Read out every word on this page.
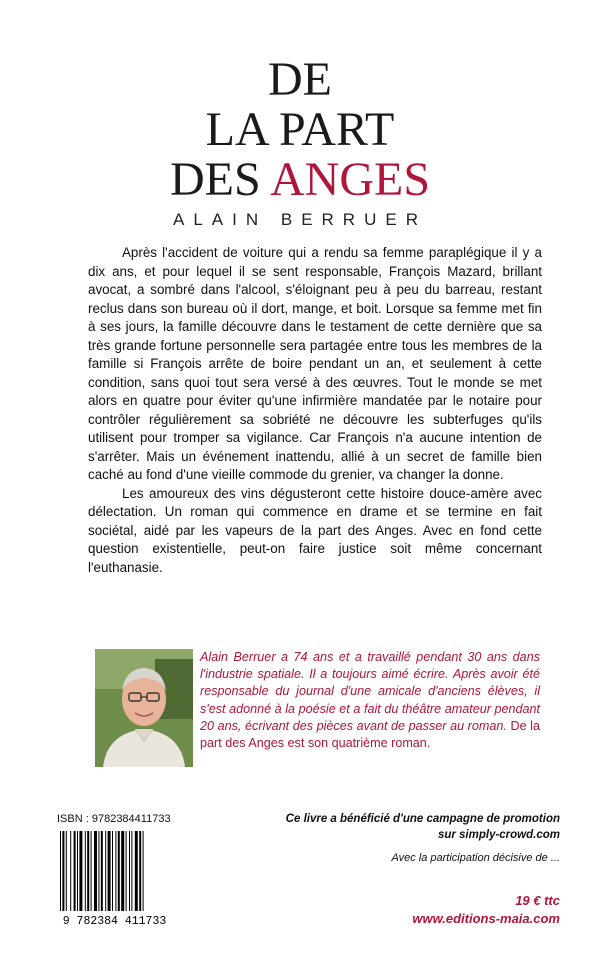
DE
LA PART
DES ANGES
ALAIN BERRUER

Après l'accident de voiture qui a rendu sa femme paraplégique il y a dix ans, et pour lequel il se sent responsable, François Mazard, brillant avocat, a sombré dans l'alcool, s'éloignant peu à peu du barreau, restant reclus dans son bureau où il dort, mange, et boit. Lorsque sa femme met fin à ses jours, la famille découvre dans le testament de cette dernière que sa très grande fortune personnelle sera partagée entre tous les membres de la famille si François arrête de boire pendant un an, et seulement à cette condition, sans quoi tout sera versé à des œuvres. Tout le monde se met alors en quatre pour éviter qu'une infirmière mandatée par le notaire pour contrôler régulièrement sa sobriété ne découvre les subterfuges qu'ils utilisent pour tromper sa vigilance. Car François n'a aucune intention de s'arrêter. Mais un événement inattendu, allié à un secret de famille bien caché au fond d'une vieille commode du grenier, va changer la donne.

Les amoureux des vins dégusteront cette histoire douce-amère avec délectation. Un roman qui commence en drame et se termine en fait sociétal, aidé par les vapeurs de la part des Anges. Avec en fond cette question existentielle, peut-on faire justice soit même concernant l'euthanasie.

Alain Berruer a 74 ans et a travaillé pendant 30 ans dans l'industrie spatiale. Il a toujours aimé écrire. Après avoir été responsable du journal d'une amicale d'anciens élèves, il s'est adonné à la poésie et a fait du théâtre amateur pendant 20 ans, écrivant des pièces avant de passer au roman. De la part des Anges est son quatrième roman.
ISBN : 9782384411733
9 782384 411733
Ce livre a bénéficié d'une campagne de promotion
sur simply-crowd.com
Avec la participation décisive de ...
19 € ttc
www.editions-maia.com
